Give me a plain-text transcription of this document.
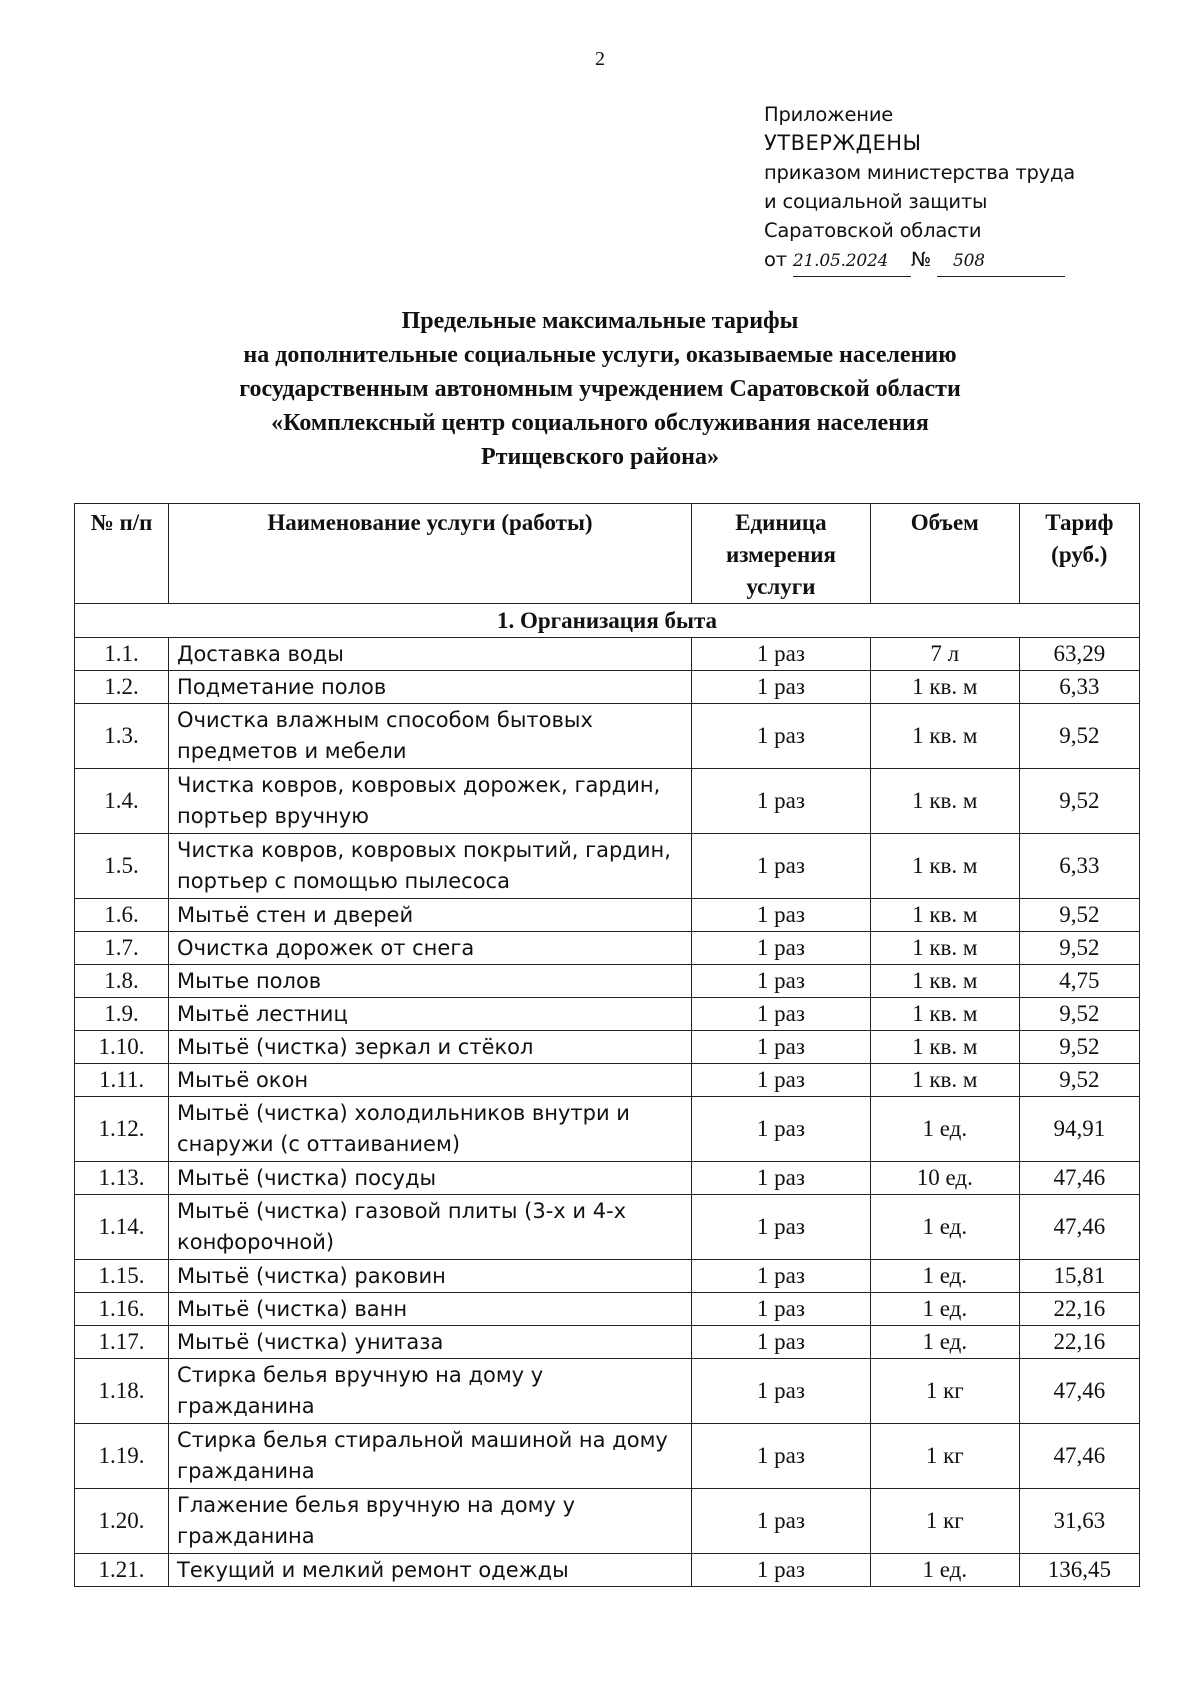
2
Приложение
УТВЕРЖДЕНЫ
приказом министерства труда
и социальной защиты
Саратовской области
от 21.05.2024 № 508
Предельные максимальные тарифы
на дополнительные социальные услуги, оказываемые населению
государственным автономным учреждением Саратовской области
«Комплексный центр социального обслуживания населения
Ртищевского района»
№ п/п	Наименование услуги (работы)	Единица измерения услуги	Объем	Тариф (руб.)
1. Организация быта				
1.1.	Доставка воды	1 раз	7 л	63,29
1.2.	Подметание полов	1 раз	1 кв. м	6,33
1.3.	Очистка влажным способом бытовых предметов и мебели	1 раз	1 кв. м	9,52
1.4.	Чистка ковров, ковровых дорожек, гардин, портьер вручную	1 раз	1 кв. м	9,52
1.5.	Чистка ковров, ковровых покрытий, гардин, портьер с помощью пылесоса	1 раз	1 кв. м	6,33
1.6.	Мытьё стен и дверей	1 раз	1 кв. м	9,52
1.7.	Очистка дорожек от снега	1 раз	1 кв. м	9,52
1.8.	Мытье полов	1 раз	1 кв. м	4,75
1.9.	Мытьё лестниц	1 раз	1 кв. м	9,52
1.10.	Мытьё (чистка) зеркал и стёкол	1 раз	1 кв. м	9,52
1.11.	Мытьё окон	1 раз	1 кв. м	9,52
1.12.	Мытьё (чистка) холодильников внутри и снаружи (с оттаиванием)	1 раз	1 ед.	94,91
1.13.	Мытьё (чистка) посуды	1 раз	10 ед.	47,46
1.14.	Мытьё (чистка) газовой плиты (3-х и 4-х конфорочной)	1 раз	1 ед.	47,46
1.15.	Мытьё (чистка) раковин	1 раз	1 ед.	15,81
1.16.	Мытьё (чистка) ванн	1 раз	1 ед.	22,16
1.17.	Мытьё (чистка) унитаза	1 раз	1 ед.	22,16
1.18.	Стирка белья вручную на дому у гражданина	1 раз	1 кг	47,46
1.19.	Стирка белья стиральной машиной на дому гражданина	1 раз	1 кг	47,46
1.20.	Глажение белья вручную на дому у гражданина	1 раз	1 кг	31,63
1.21.	Текущий и мелкий ремонт одежды	1 раз	1 ед.	136,45
